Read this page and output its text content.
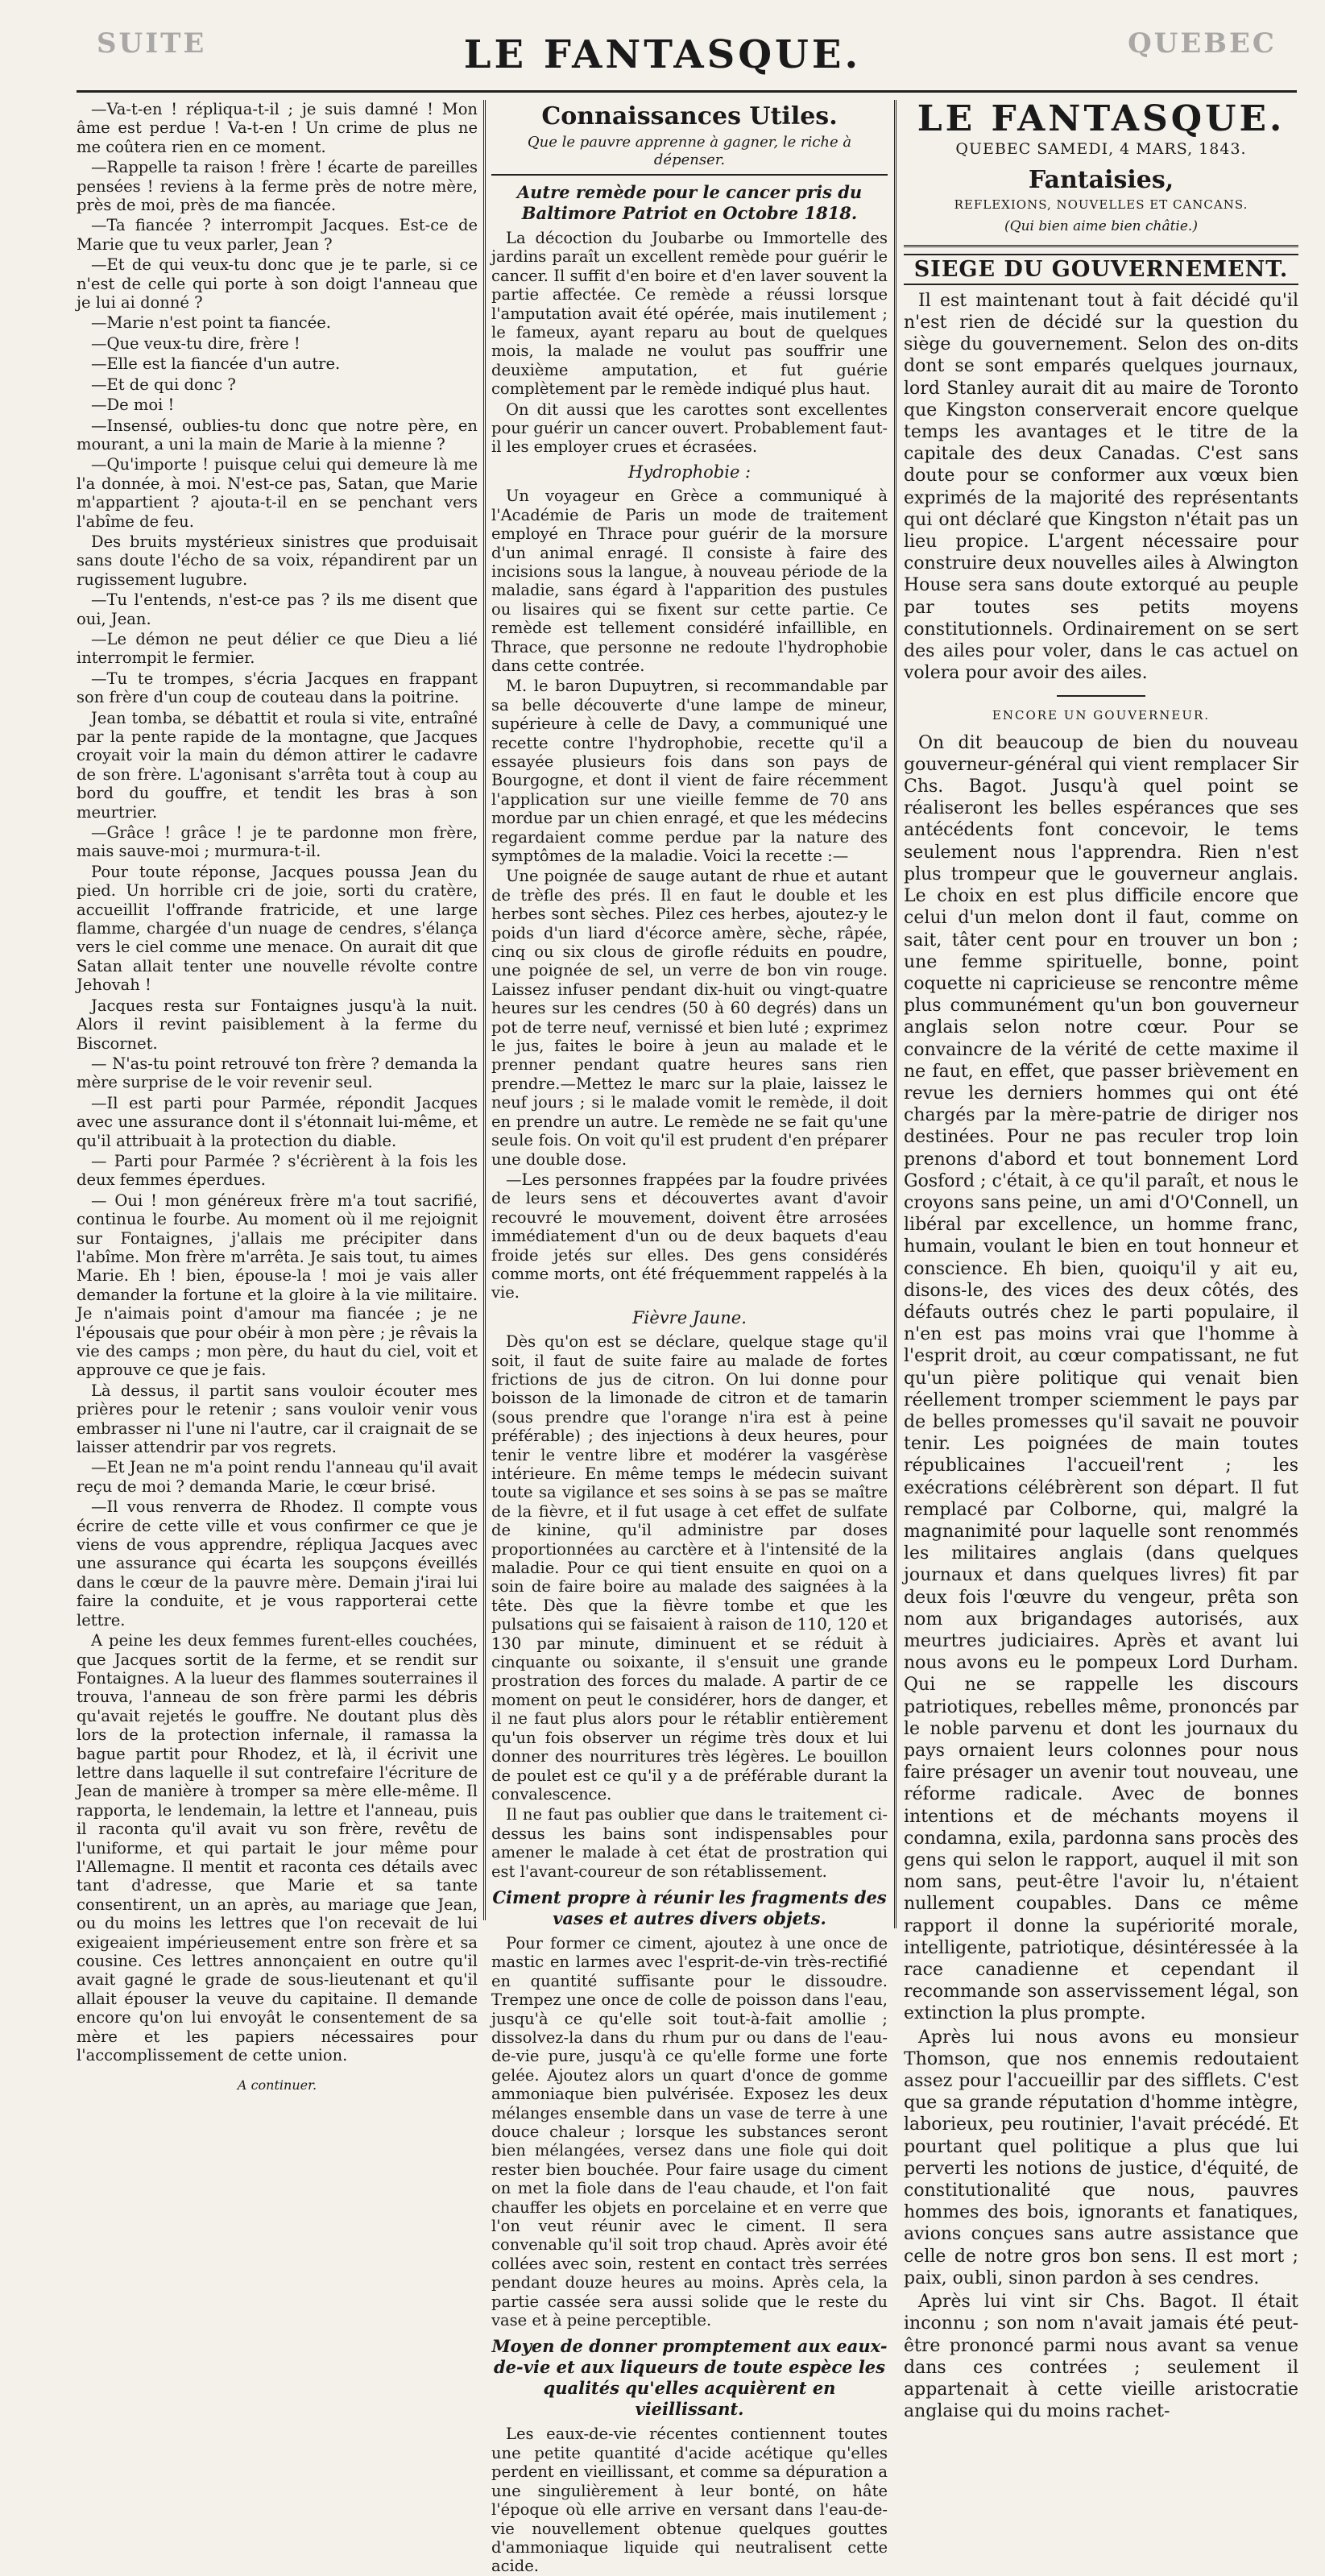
SUITE	LE FANTASQUE.	QUEBEC

—Va-t-en ! répliqua-t-il ; je suis damné ! Mon âme est perdue ! Va-t-en ! Un crime de plus ne me coûtera rien en ce moment.

—Rappelle ta raison ! frère ! écarte de pareilles pensées ! reviens à la ferme près de notre mère, près de moi, près de ma fiancée.

—Ta fiancée ? interrompit Jacques. Est-ce de Marie que tu veux parler, Jean ?

—Et de qui veux-tu donc que je te parle, si ce n'est de celle qui porte à son doigt l'anneau que je lui ai donné ?

—Marie n'est point ta fiancée.

—Que veux-tu dire, frère !

—Elle est la fiancée d'un autre.

—Et de qui donc ?

—De moi !

—Insensé, oublies-tu donc que notre père, en mourant, a uni la main de Marie à la mienne ?

—Qu'importe ! puisque celui qui demeure là me l'a donnée, à moi. N'est-ce pas, Satan, que Marie m'appartient ? ajouta-t-il en se penchant vers l'abîme de feu.

Des bruits mystérieux sinistres que produisait sans doute l'écho de sa voix, répandirent par un rugissement lugubre.

—Tu l'entends, n'est-ce pas ? ils me disent que oui, Jean.

—Le démon ne peut délier ce que Dieu a lié interrompit le fermier.

—Tu te trompes, s'écria Jacques en frappant son frère d'un coup de couteau dans la poitrine.

Jean tomba, se débattit et roula si vite, entraîné par la pente rapide de la montagne, que Jacques croyait voir la main du démon attirer le cadavre de son frère. L'agonisant s'arrêta tout à coup au bord du gouffre, et tendit les bras à son meurtrier.

—Grâce ! grâce ! je te pardonne mon frère, mais sauve-moi ; murmura-t-il.

Pour toute réponse, Jacques poussa Jean du pied. Un horrible cri de joie, sorti du cratère, accueillit l'offrande fratricide, et une large flamme, chargée d'un nuage de cendres, s'élança vers le ciel comme une menace. On aurait dit que Satan allait tenter une nouvelle révolte contre Jehovah !

Jacques resta sur Fontaignes jusqu'à la nuit. Alors il revint paisiblement à la ferme du Biscornet.

— N'as-tu point retrouvé ton frère ? demanda la mère surprise de le voir revenir seul.

—Il est parti pour Parmée, répondit Jacques avec une assurance dont il s'étonnait lui-même, et qu'il attribuait à la protection du diable.

— Parti pour Parmée ? s'écrièrent à la fois les deux femmes éperdues.

— Oui ! mon généreux frère m'a tout sacrifié, continua le fourbe. Au moment où il me rejoignit sur Fontaignes, j'allais me précipiter dans l'abîme. Mon frère m'arrêta. Je sais tout, tu aimes Marie. Eh ! bien, épouse-la ! moi je vais aller demander la fortune et la gloire à la vie militaire. Je n'aimais point d'amour ma fiancée ; je ne l'épousais que pour obéir à mon père ; je rêvais la vie des camps ; mon père, du haut du ciel, voit et approuve ce que je fais.

Là dessus, il partit sans vouloir écouter mes prières pour le retenir ; sans vouloir venir vous embrasser ni l'une ni l'autre, car il craignait de se laisser attendrir par vos regrets.

—Et Jean ne m'a point rendu l'anneau qu'il avait reçu de moi ? demanda Marie, le cœur brisé.

—Il vous renverra de Rhodez. Il compte vous écrire de cette ville et vous confirmer ce que je viens de vous apprendre, répliqua Jacques avec une assurance qui écarta les soupçons éveillés dans le cœur de la pauvre mère. Demain j'irai lui faire la conduite, et je vous rapporterai cette lettre.

A peine les deux femmes furent-elles couchées, que Jacques sortit de la ferme, et se rendit sur Fontaignes. A la lueur des flammes souterraines il trouva, l'anneau de son frère parmi les débris qu'avait rejetés le gouffre. Ne doutant plus dès lors de la protection infernale, il ramassa la bague partit pour Rhodez, et là, il écrivit une lettre dans laquelle il sut contrefaire l'écriture de Jean de manière à tromper sa mère elle-même. Il rapporta, le lendemain, la lettre et l'anneau, puis il raconta qu'il avait vu son frère, revêtu de l'uniforme, et qui partait le jour même pour l'Allemagne. Il mentit et raconta ces détails avec tant d'adresse, que Marie et sa tante consentirent, un an après, au mariage que Jean, ou du moins les lettres que l'on recevait de lui exigeaient impérieusement entre son frère et sa cousine. Ces lettres annonçaient en outre qu'il avait gagné le grade de sous-lieutenant et qu'il allait épouser la veuve du capitaine. Il demande encore qu'on lui envoyât le consentement de sa mère et les papiers nécessaires pour l'accomplissement de cette union.

A continuer.
Connaissances Utiles.
Que le pauvre apprenne à gagner, le riche à dépenser.
Autre remède pour le cancer pris du Baltimore Patriot en Octobre 1818.

La décoction du Joubarbe ou Immortelle des jardins paraît un excellent remède pour guérir le cancer. Il suffit d'en boire et d'en laver souvent la partie affectée. Ce remède a réussi lorsque l'amputation avait été opérée, mais inutilement ; le fameux, ayant reparu au bout de quelques mois, la malade ne voulut pas souffrir une deuxième amputation, et fut guérie complètement par le remède indiqué plus haut.

On dit aussi que les carottes sont excellentes pour guérir un cancer ouvert. Probablement faut-il les employer crues et écrasées.

Hydrophobie :

Un voyageur en Grèce a communiqué à l'Académie de Paris un mode de traitement employé en Thrace pour guérir de la morsure d'un animal enragé. Il consiste à faire des incisions sous la langue, à nouveau période de la maladie, sans égard à l'apparition des pustules ou lisaires qui se fixent sur cette partie. Ce remède est tellement considéré infaillible, en Thrace, que personne ne redoute l'hydrophobie dans cette contrée.

M. le baron Dupuytren, si recommandable par sa belle découverte d'une lampe de mineur, supérieure à celle de Davy, a communiqué une recette contre l'hydrophobie, recette qu'il a essayée plusieurs fois dans son pays de Bourgogne, et dont il vient de faire récemment l'application sur une vieille femme de 70 ans mordue par un chien enragé, et que les médecins regardaient comme perdue par la nature des symptômes de la maladie. Voici la recette :—

Une poignée de sauge autant de rhue et autant de trèfle des prés. Il en faut le double et les herbes sont sèches. Pilez ces herbes, ajoutez-y le poids d'un liard d'écorce amère, sèche, râpée, cinq ou six clous de girofle réduits en poudre, une poignée de sel, un verre de bon vin rouge. Laissez infuser pendant dix-huit ou vingt-quatre heures sur les cendres (50 à 60 degrés) dans un pot de terre neuf, vernissé et bien luté ; exprimez le jus, faites le boire à jeun au malade et le prenner pendant quatre heures sans rien prendre.—Mettez le marc sur la plaie, laissez le neuf jours ; si le malade vomit le remède, il doit en prendre un autre. Le remède ne se fait qu'une seule fois. On voit qu'il est prudent d'en préparer une double dose.

—Les personnes frappées par la foudre privées de leurs sens et découvertes avant d'avoir recouvré le mouvement, doivent être arrosées immédiatement d'un ou de deux baquets d'eau froide jetés sur elles. Des gens considérés comme morts, ont été fréquemment rappelés à la vie.

Fièvre Jaune.

Dès qu'on est se déclare, quelque stage qu'il soit, il faut de suite faire au malade de fortes frictions de jus de citron. On lui donne pour boisson de la limonade de citron et de tamarin (sous prendre que l'orange n'ira est à peine préférable) ; des injections à deux heures, pour tenir le ventre libre et modérer la vasgérèse intérieure. En même temps le médecin suivant toute sa vigilance et ses soins à se pas se maître de la fièvre, et il fut usage à cet effet de sulfate de kinine, qu'il administre par doses proportionnées au carctère et à l'intensité de la maladie. Pour ce qui tient ensuite en quoi on a soin de faire boire au malade des saignées à la tête. Dès que la fièvre tombe et que les pulsations qui se faisaient à raison de 110, 120 et 130 par minute, diminuent et se réduit à cinquante ou soixante, il s'ensuit une grande prostration des forces du malade. A partir de ce moment on peut le considérer, hors de danger, et il ne faut plus alors pour le rétablir entièrement qu'un fois observer un régime très doux et lui donner des nourritures très légères. Le bouillon de poulet est ce qu'il y a de préférable durant la convalescence.

Il ne faut pas oublier que dans le traitement ci-dessus les bains sont indispensables pour amener le malade à cet état de prostration qui est l'avant-coureur de son rétablissement.

Ciment propre à réunir les fragments des vases et autres divers objets.

Pour former ce ciment, ajoutez à une once de mastic en larmes avec l'esprit-de-vin très-rectifié en quantité suffisante pour le dissoudre. Trempez une once de colle de poisson dans l'eau, jusqu'à ce qu'elle soit tout-à-fait amollie ; dissolvez-la dans du rhum pur ou dans de l'eau-de-vie pure, jusqu'à ce qu'elle forme une forte gelée. Ajoutez alors un quart d'once de gomme ammoniaque bien pulvérisée. Exposez les deux mélanges ensemble dans un vase de terre à une douce chaleur ; lorsque les substances seront bien mélangées, versez dans une fiole qui doit rester bien bouchée. Pour faire usage du ciment on met la fiole dans de l'eau chaude, et l'on fait chauffer les objets en porcelaine et en verre que l'on veut réunir avec le ciment. Il sera convenable qu'il soit trop chaud. Après avoir été collées avec soin, restent en contact très serrées pendant douze heures au moins. Après cela, la partie cassée sera aussi solide que le reste du vase et à peine perceptible.

Moyen de donner promptement aux eaux-de-vie et aux liqueurs de toute espèce les qualités qu'elles acquièrent en vieillissant.

Les eaux-de-vie récentes contiennent toutes une petite quantité d'acide acétique qu'elles perdent en vieillissant, et comme sa dépuration a une singulièrement à leur bonté, on hâte l'époque où elle arrive en versant dans l'eau-de-vie nouvellement obtenue quelques gouttes d'ammoniaque liquide qui neutralisent cette acide.

LE FANTASQUE.
QUEBEC SAMEDI, 4 MARS, 1843.
Fantaisies,
REFLEXIONS, NOUVELLES ET CANCANS.
(Qui bien aime bien châtie.)
SIEGE DU GOUVERNEMENT.

Il est maintenant tout à fait décidé qu'il n'est rien de décidé sur la question du siège du gouvernement. Selon des on-dits dont se sont emparés quelques journaux, lord Stanley aurait dit au maire de Toronto que Kingston conserverait encore quelque temps les avantages et le titre de la capitale des deux Canadas. C'est sans doute pour se conformer aux vœux bien exprimés de la majorité des représentants qui ont déclaré que Kingston n'était pas un lieu propice. L'argent nécessaire pour construire deux nouvelles ailes à Alwington House sera sans doute extorqué au peuple par toutes ses petits moyens constitutionnels. Ordinairement on se sert des ailes pour voler, dans le cas actuel on volera pour avoir des ailes.

ENCORE UN GOUVERNEUR.

On dit beaucoup de bien du nouveau gouverneur-général qui vient remplacer Sir Chs. Bagot. Jusqu'à quel point se réaliseront les belles espérances que ses antécédents font concevoir, le tems seulement nous l'apprendra. Rien n'est plus trompeur que le gouverneur anglais. Le choix en est plus difficile encore que celui d'un melon dont il faut, comme on sait, tâter cent pour en trouver un bon ; une femme spirituelle, bonne, point coquette ni capricieuse se rencontre même plus communément qu'un bon gouverneur anglais selon notre cœur. Pour se convaincre de la vérité de cette maxime il ne faut, en effet, que passer brièvement en revue les derniers hommes qui ont été chargés par la mère-patrie de diriger nos destinées. Pour ne pas reculer trop loin prenons d'abord et tout bonnement Lord Gosford ; c'était, à ce qu'il paraît, et nous le croyons sans peine, un ami d'O'Connell, un libéral par excellence, un homme franc, humain, voulant le bien en tout honneur et conscience. Eh bien, quoiqu'il y ait eu, disons-le, des vices des deux côtés, des défauts outrés chez le parti populaire, il n'en est pas moins vrai que l'homme à l'esprit droit, au cœur compatissant, ne fut qu'un pière politique qui venait bien réellement tromper sciemment le pays par de belles promesses qu'il savait ne pouvoir tenir. Les poignées de main toutes républicaines l'accueil'rent ; les exécrations célébrèrent son départ. Il fut remplacé par Colborne, qui, malgré la magnanimité pour laquelle sont renommés les militaires anglais (dans quelques journaux et dans quelques livres) fit par deux fois l'œuvre du vengeur, prêta son nom aux brigandages autorisés, aux meurtres judiciaires. Après et avant lui nous avons eu le pompeux Lord Durham. Qui ne se rappelle les discours patriotiques, rebelles même, prononcés par le noble parvenu et dont les journaux du pays ornaient leurs colonnes pour nous faire présager un avenir tout nouveau, une réforme radicale. Avec de bonnes intentions et de méchants moyens il condamna, exila, pardonna sans procès des gens qui selon le rapport, auquel il mit son nom sans, peut-être l'avoir lu, n'étaient nullement coupables. Dans ce même rapport il donne la supériorité morale, intelligente, patriotique, désintéressée à la race canadienne et cependant il recommande son asservissement légal, son extinction la plus prompte.

Après lui nous avons eu monsieur Thomson, que nos ennemis redoutaient assez pour l'accueillir par des sifflets. C'est que sa grande réputation d'homme intègre, laborieux, peu routinier, l'avait précédé. Et pourtant quel politique a plus que lui perverti les notions de justice, d'équité, de constitutionalité que nous, pauvres hommes des bois, ignorants et fanatiques, avions conçues sans autre assistance que celle de notre gros bon sens. Il est mort ; paix, oubli, sinon pardon à ses cendres.

Après lui vint sir Chs. Bagot. Il était inconnu ; son nom n'avait jamais été peut-être prononcé parmi nous avant sa venue dans ces contrées ; seulement il appartenait à cette vieille aristocratie anglaise qui du moins rachet-
